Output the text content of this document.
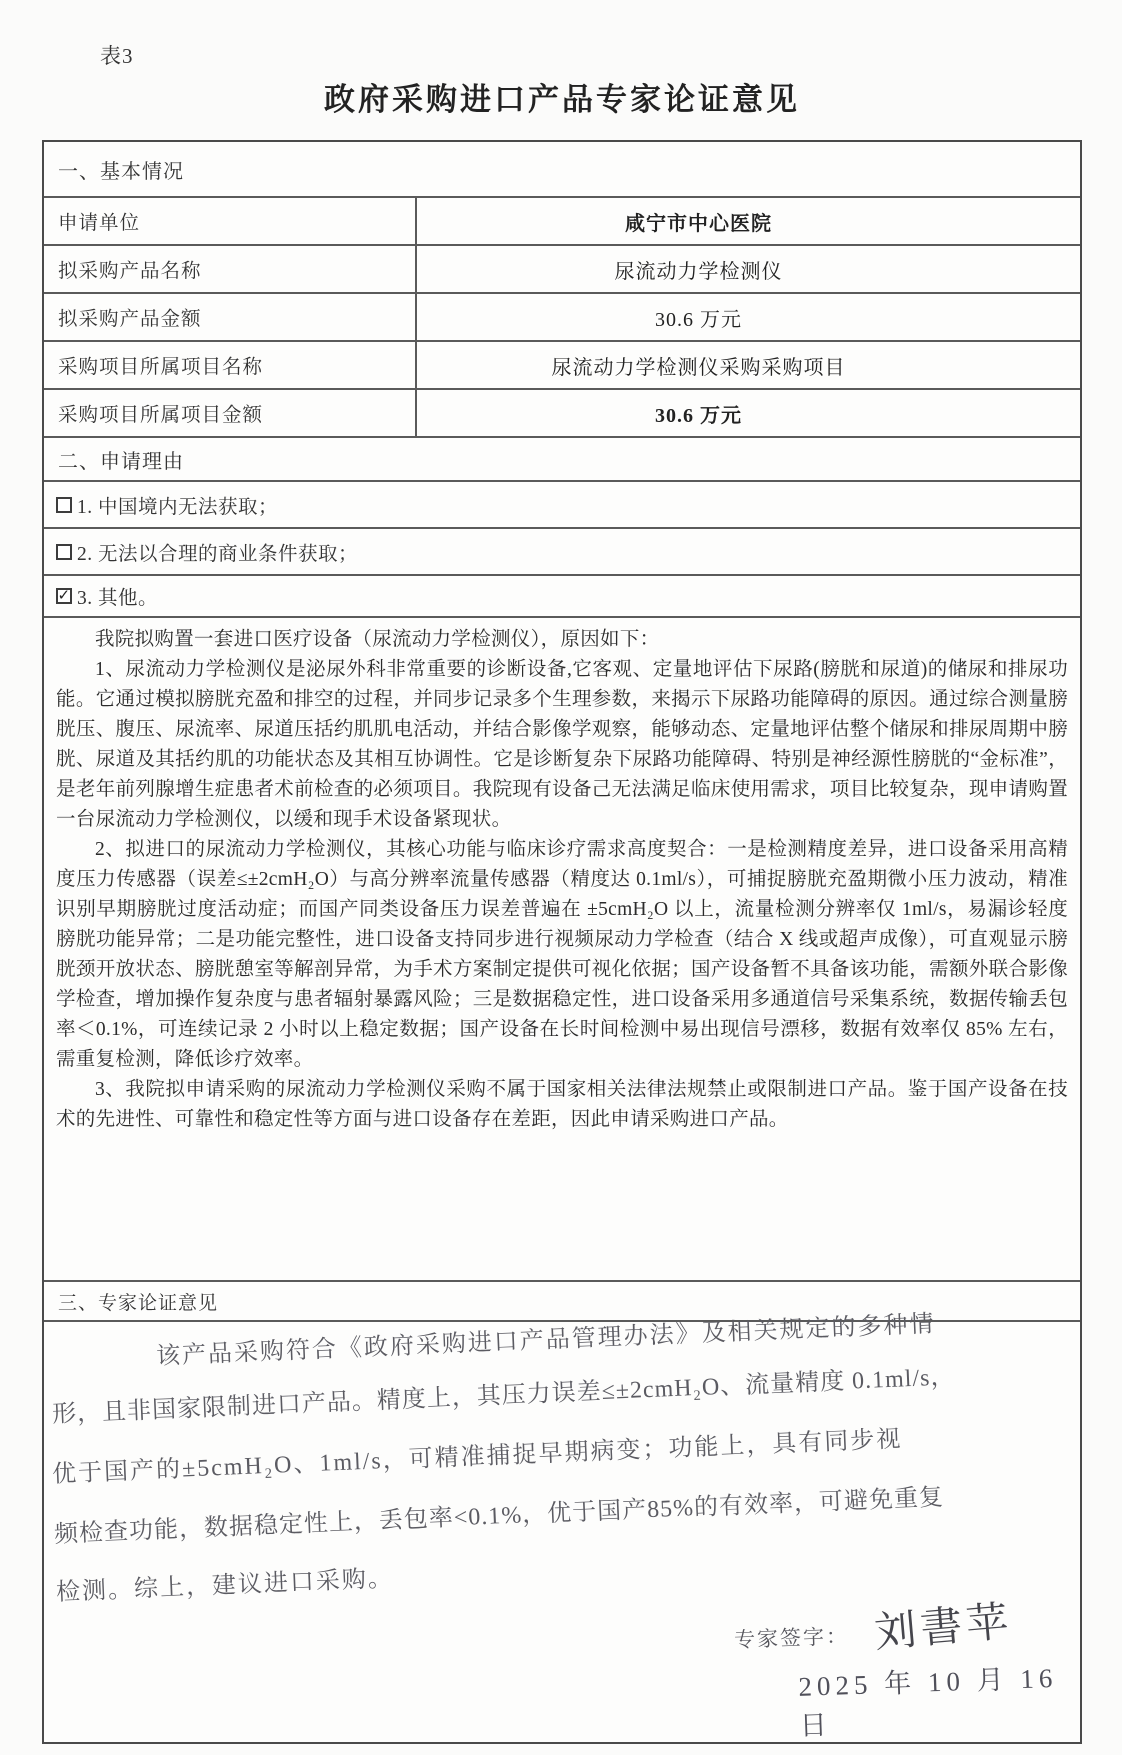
表3
政府采购进口产品专家论证意见
一、基本情况
申请单位	咸宁市中心医院
拟采购产品名称	尿流动力学检测仪
拟采购产品金额	30.6 万元
采购项目所属项目名称	尿流动力学检测仪采购采购项目
采购项目所属项目金额	30.6 万元
二、申请理由
1. 中国境内无法获取；
2. 无法以合理的商业条件获取；
✓ 3. 其他。

我院拟购置一套进口医疗设备（尿流动力学检测仪），原因如下：

1、尿流动力学检测仪是泌尿外科非常重要的诊断设备,它客观、定量地评估下尿路(膀胱和尿道)的储尿和排尿功能。它通过模拟膀胱充盈和排空的过程，并同步记录多个生理参数，来揭示下尿路功能障碍的原因。通过综合测量膀胱压、腹压、尿流率、尿道压括约肌肌电活动，并结合影像学观察，能够动态、定量地评估整个储尿和排尿周期中膀胱、尿道及其括约肌的功能状态及其相互协调性。它是诊断复杂下尿路功能障碍、特别是神经源性膀胱的“金标准”，是老年前列腺增生症患者术前检查的必须项目。我院现有设备己无法满足临床使用需求，项目比较复杂，现申请购置一台尿流动力学检测仪，以缓和现手术设备紧现状。

2、拟进口的尿流动力学检测仪，其核心功能与临床诊疗需求高度契合：一是检测精度差异，进口设备采用高精度压力传感器（误差≤±2cmH₂O）与高分辨率流量传感器（精度达 0.1ml/s），可捕捉膀胱充盈期微小压力波动，精准识别早期膀胱过度活动症；而国产同类设备压力误差普遍在 ±5cmH₂O 以上，流量检测分辨率仅 1ml/s，易漏诊轻度膀胱功能异常；二是功能完整性，进口设备支持同步进行视频尿动力学检查（结合 X 线或超声成像），可直观显示膀胱颈开放状态、膀胱憩室等解剖异常，为手术方案制定提供可视化依据；国产设备暂不具备该功能，需额外联合影像学检查，增加操作复杂度与患者辐射暴露风险；三是数据稳定性，进口设备采用多通道信号采集系统，数据传输丢包率＜0.1%，可连续记录 2 小时以上稳定数据；国产设备在长时间检测中易出现信号漂移，数据有效率仅 85% 左右，需重复检测，降低诊疗效率。

3、我院拟申请采购的尿流动力学检测仪采购不属于国家相关法律法规禁止或限制进口产品。鉴于国产设备在技术的先进性、可靠性和稳定性等方面与进口设备存在差距，因此申请采购进口产品。

三、专家论证意见
该产品采购符合《政府采购进口产品管理办法》及相关规定的多种情
形，且非国家限制进口产品。精度上，其压力误差≤±2cmH₂O、流量精度 0.1ml/s，
优于国产的±5cmH₂O、1ml/s，可精准捕捉早期病变；功能上，具有同步视
频检查功能，数据稳定性上，丢包率<0.1%，优于国产85%的有效率，可避免重复
检测。综上，建议进口采购。
专家签字： 刘書苹
2025 年 10 月 16 日
